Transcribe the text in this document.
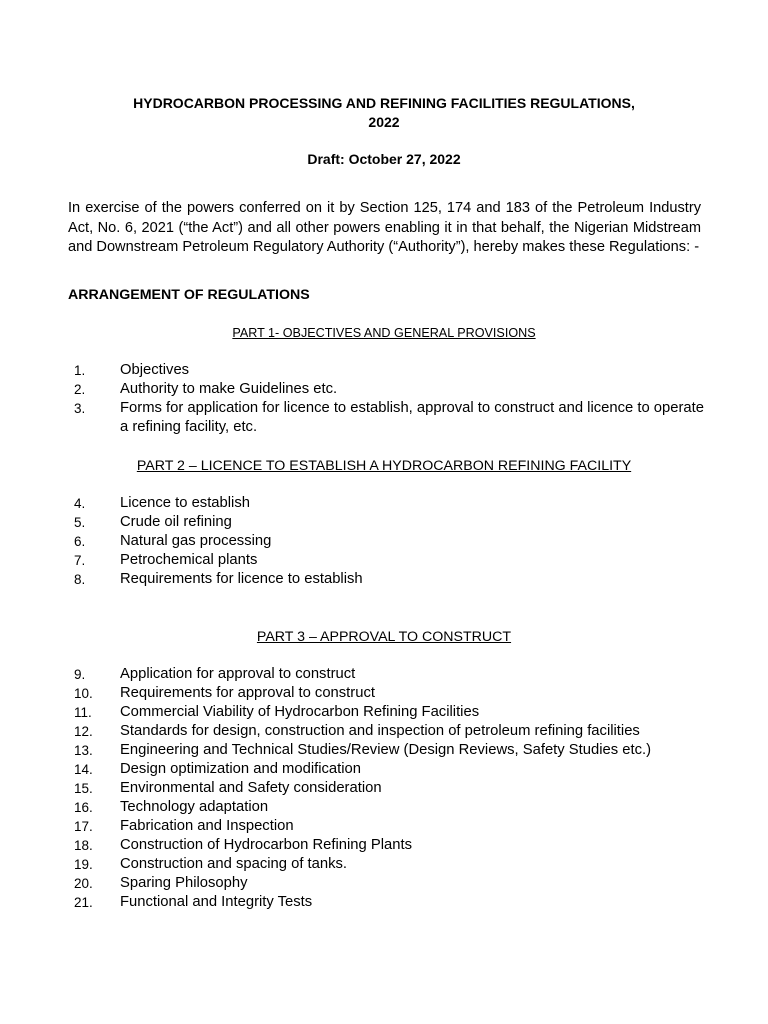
HYDROCARBON PROCESSING AND REFINING FACILITIES REGULATIONS,
2022
Draft: October 27, 2022
In exercise of the powers conferred on it by Section 125, 174 and 183 of the Petroleum Industry Act, No. 6, 2021 (“the Act”) and all other powers enabling it in that behalf, the Nigerian Midstream and Downstream Petroleum Regulatory Authority (“Authority”), hereby makes these Regulations: -
ARRANGEMENT OF REGULATIONS
PART 1- OBJECTIVES AND GENERAL PROVISIONS
1.	Objectives
2.	Authority to make Guidelines etc.
3.	Forms for application for licence to establish, approval to construct and licence to operate a refining facility, etc.
PART 2 – LICENCE TO ESTABLISH A HYDROCARBON REFINING FACILITY
4.	Licence to establish
5.	Crude oil refining
6.	Natural gas processing
7.	Petrochemical plants
8.	Requirements for licence to establish
PART 3 – APPROVAL TO CONSTRUCT
9.	Application for approval to construct
10.	Requirements for approval to construct
11.	Commercial Viability of Hydrocarbon Refining Facilities
12.	Standards for design, construction and inspection of petroleum refining facilities
13.	Engineering and Technical Studies/Review (Design Reviews, Safety Studies etc.)
14.	Design optimization and modification
15.	Environmental and Safety consideration
16.	Technology adaptation
17.	Fabrication and Inspection
18.	Construction of Hydrocarbon Refining Plants
19.	Construction and spacing of tanks.
20.	Sparing Philosophy
21.	Functional and Integrity Tests
